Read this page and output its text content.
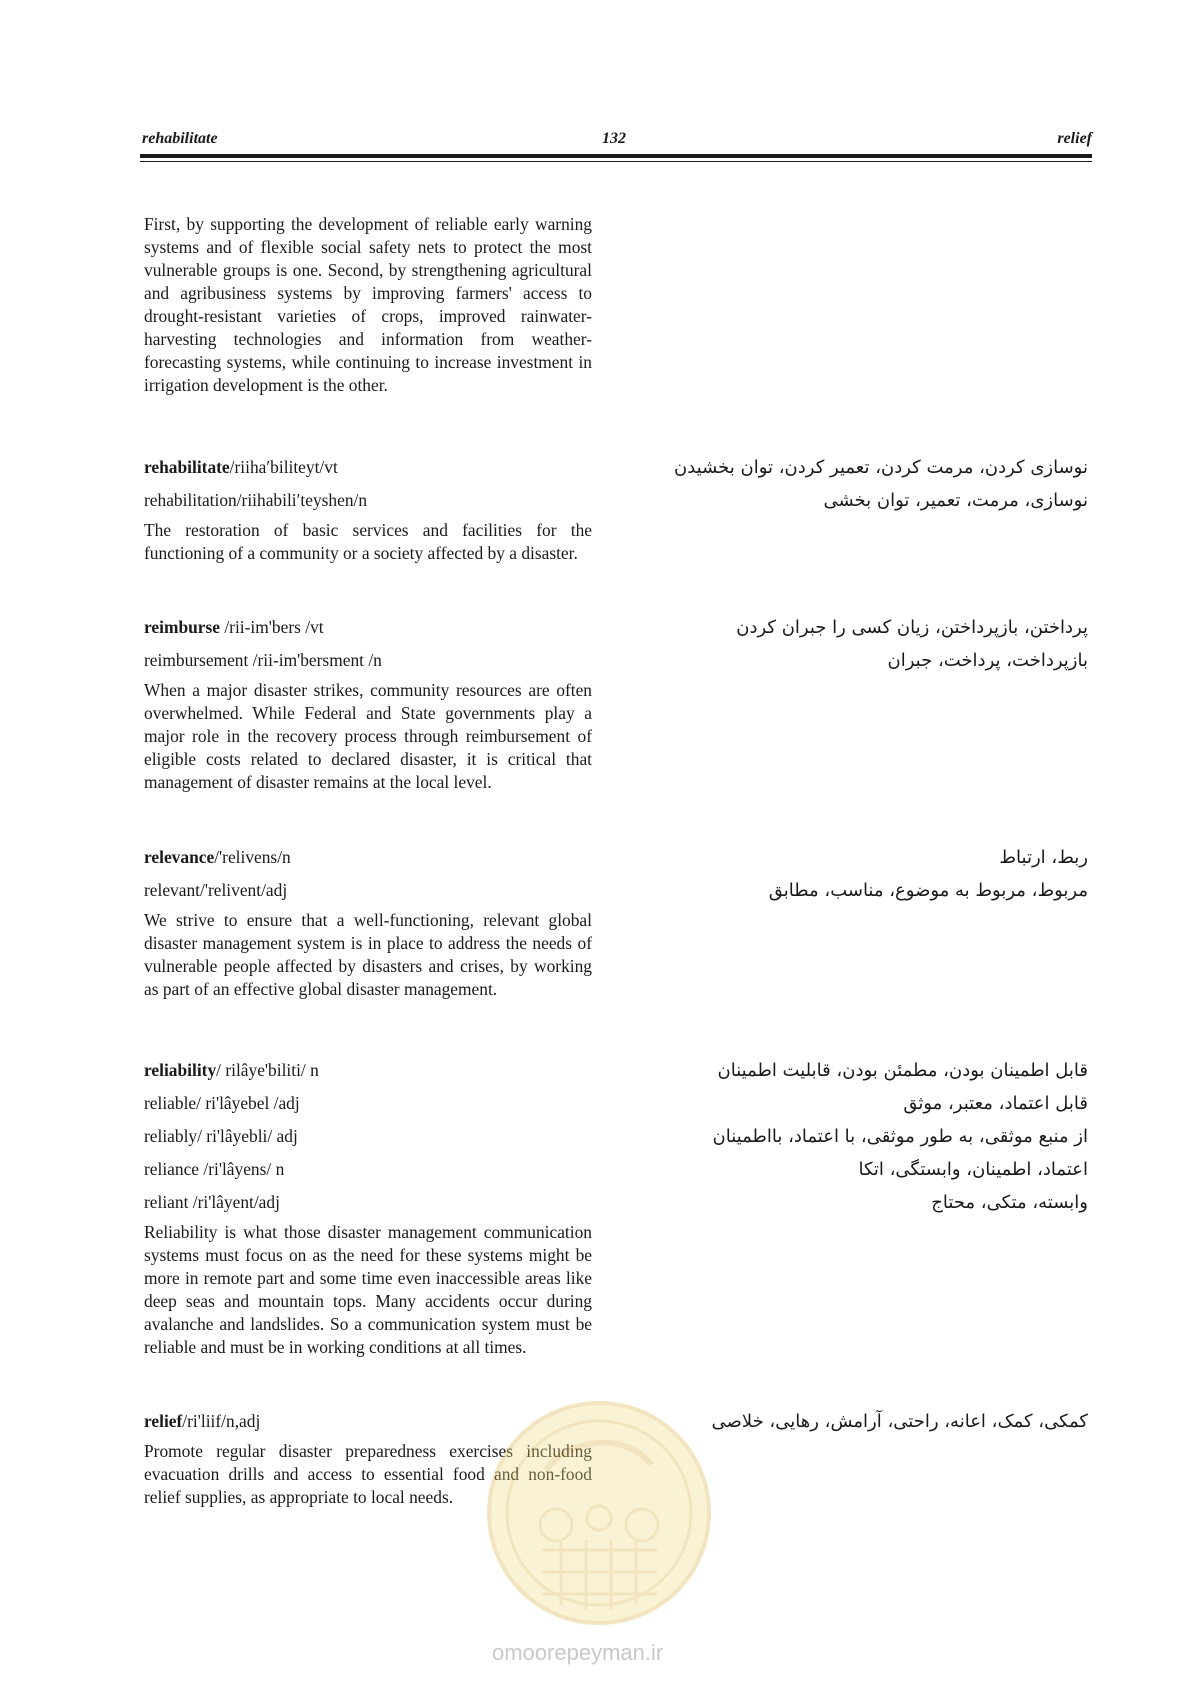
rehabilitate	132	relief

First, by supporting the development of reliable early warning systems and of flexible social safety nets to protect the most vulnerable groups is one. Second, by strengthening agricultural and agribusiness systems by improving farmers' access to drought-resistant varieties of crops, improved rainwater-harvesting technologies and information from weather-forecasting systems, while continuing to increase investment in irrigation development is the other.

rehabilitate/riiha′biliteyt/vt

rehabilitation/riihabili′teyshen/n

The restoration of basic services and facilities for the functioning of a community or a society affected by a disaster.

نوسازی کردن، مرمت کردن، تعمیر کردن، توان بخشیدن
نوسازی، مرمت، تعمیر، توان بخشی

reimburse /rii-im'bers /vt

reimbursement /rii-im'bersment /n

When a major disaster strikes, community resources are often overwhelmed. While Federal and State governments play a major role in the recovery process through reimbursement of eligible costs related to declared disaster, it is critical that management of disaster remains at the local level.

پرداختن، بازپرداختن، زیان کسی را جبران کردن
بازپرداخت، پرداخت، جبران

relevance/'relivens/n

relevant/'relivent/adj

We strive to ensure that a well-functioning, relevant global disaster management system is in place to address the needs of vulnerable people affected by disasters and crises, by working as part of an effective global disaster management.

ربط، ارتباط
مربوط، مربوط به موضوع، مناسب، مطابق

reliability/ rilâye'biliti/ n

reliable/ ri'lâyebel /adj

reliably/ ri'lâyebli/ adj

reliance /ri'lâyens/ n

reliant /ri'lâyent/adj

Reliability is what those disaster management communication systems must focus on as the need for these systems might be more in remote part and some time even inaccessible areas like deep seas and mountain tops. Many accidents occur during avalanche and landslides. So a communication system must be reliable and must be in working conditions at all times.

قابل اطمینان بودن، مطمئن بودن، قابلیت اطمینان
قابل اعتماد، معتبر، موثق
از منبع موثقی، به طور موثقی، با اعتماد، بااطمینان
اعتماد، اطمینان، وابستگی، اتکا
وابسته، متکی، محتاج

relief/ri'liif/n,adj

Promote regular disaster preparedness exercises including evacuation drills and access to essential food and non-food relief supplies, as appropriate to local needs.

کمکی، کمک، اعانه، راحتی، آرامش، رهایی، خلاصی
omoorepeyman.ir
